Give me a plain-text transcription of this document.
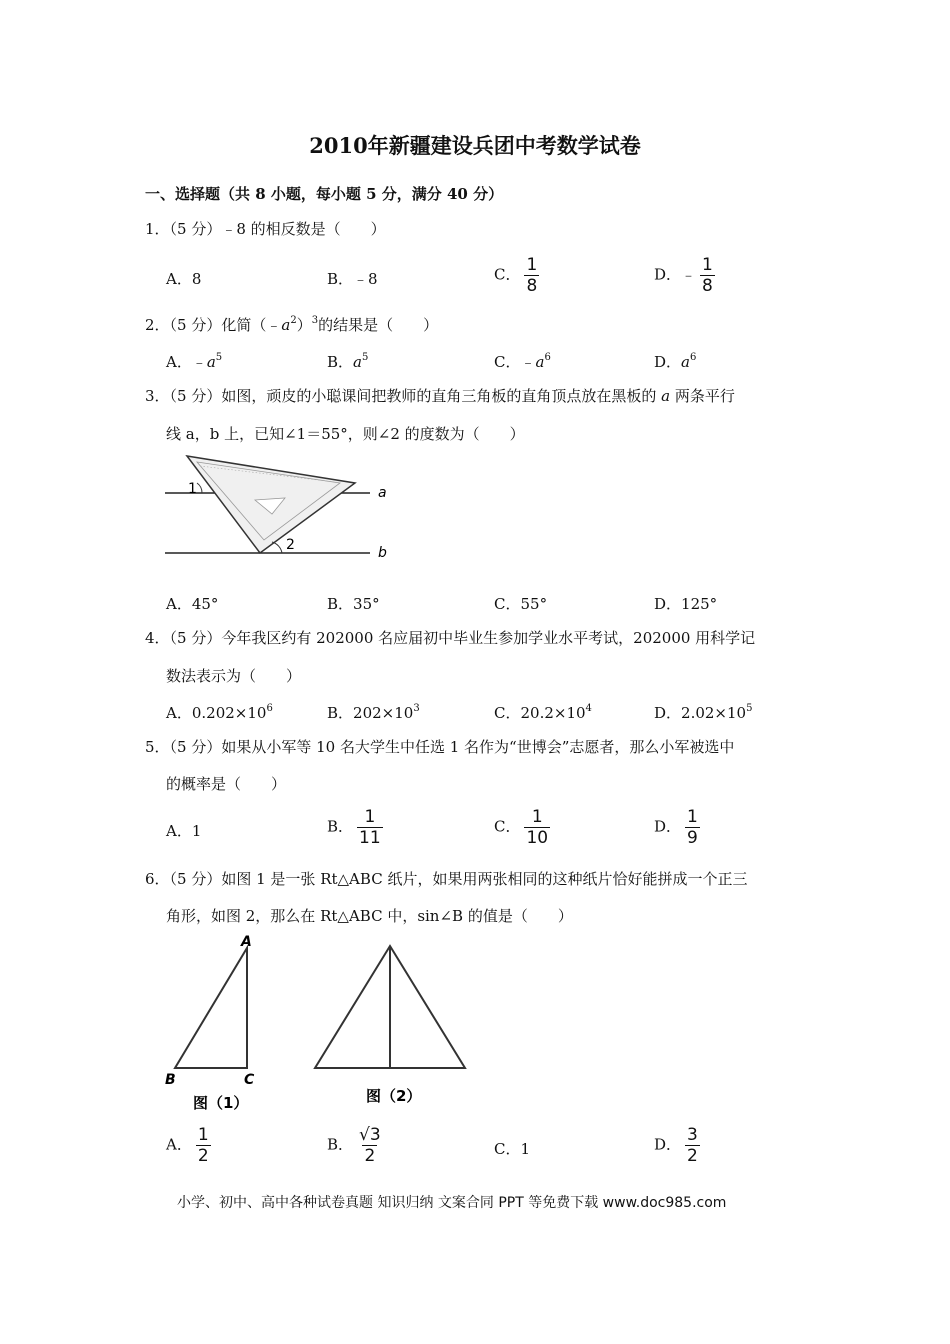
2010年新疆建设兵团中考数学试卷
一、选择题（共 8 小题，每小题 5 分，满分 40 分）
1．（5 分）﹣8 的相反数是（　　）
A．8	B．﹣8	C． $\frac{1}{8}$	D．﹣ $\frac{1}{8}$
2．（5 分）化简$(﹣a^2)^3$的结果是（　　）
A．$﹣a^5$	B．$a^5$	C．$﹣a^6$	D．$a^6$
3．（5 分）如图，顽皮的小聪课间把教师的直角三角板的直角顶点放在黑板的 a 两条平行
线 a，b 上，已知∠1＝55°，则∠2 的度数为（　　）
1
2
a
b
A．45°	B．35°	C．55°	D．125°
4．（5 分）今年我区约有 202000 名应届初中毕业生参加学业水平考试，202000 用科学记
数法表示为（　　）
A．$0.202\times 10^6$	B．$202\times 10^3$	C．$20.2\times 10^4$	D．$2.02\times 10^5$
5．（5 分）如果从小军等 10 名大学生中任选 1 名作为“世博会”志愿者，那么小军被选中
的概率是（　　）
A．1	B． $\frac{1}{11}$	C． $\frac{1}{10}$	D． $\frac{1}{9}$
6．（5 分）如图 1 是一张 Rt△ABC 纸片，如果用两张相同的这种纸片恰好能拼成一个正三
角形，如图 2，那么在 Rt△ABC 中，sin∠B 的值是（　　）
A
B	C
图（1）	图（2）
A． $\frac{1}{2}$	B． $\frac{√3}{2}$	C．1	D． $\frac{3}{2}$
小学、初中、高中各种试卷真题 知识归纳 文案合同 PPT 等免费下载 www.doc985.com
